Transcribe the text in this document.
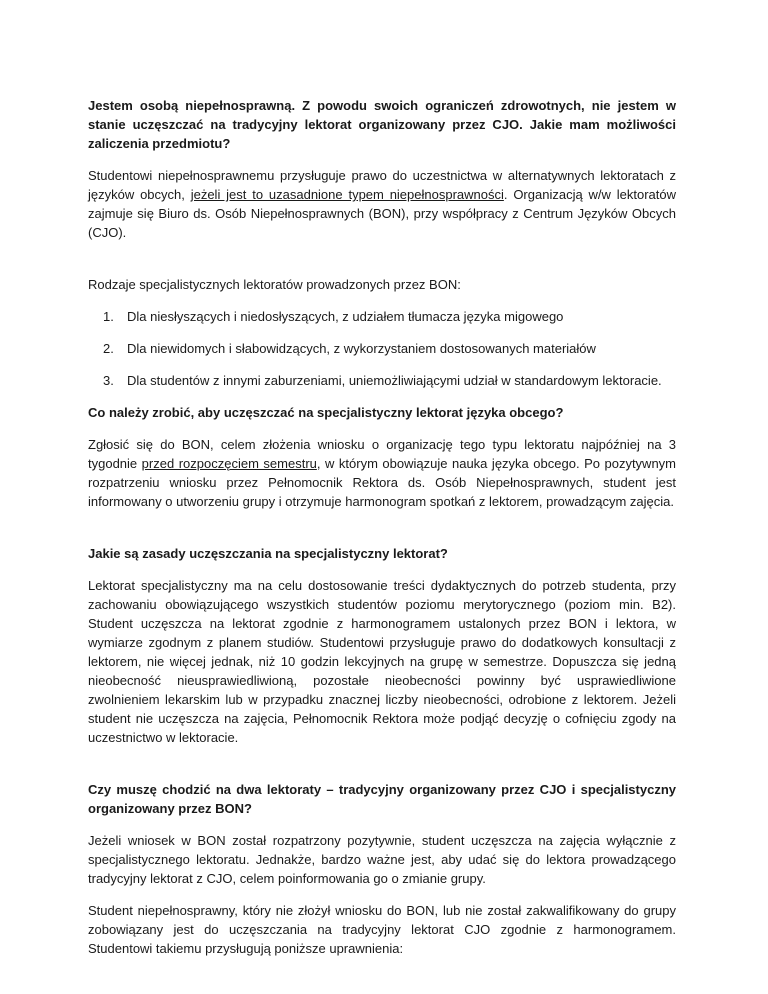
Jestem osobą niepełnosprawną. Z powodu swoich ograniczeń zdrowotnych, nie jestem w stanie uczęszczać na tradycyjny lektorat organizowany przez CJO. Jakie mam możliwości zaliczenia przedmiotu?

Studentowi niepełnosprawnemu przysługuje prawo do uczestnictwa w alternatywnych lektoratach z języków obcych, jeżeli jest to uzasadnione typem niepełnosprawności. Organizacją w/w lektoratów zajmuje się Biuro ds. Osób Niepełnosprawnych (BON), przy współpracy z Centrum Języków Obcych (CJO).

Rodzaje specjalistycznych lektoratów prowadzonych przez BON:

1. Dla niesłyszących i niedosłyszących, z udziałem tłumacza języka migowego
2. Dla niewidomych i słabowidzących, z wykorzystaniem dostosowanych materiałów
3. Dla studentów z innymi zaburzeniami, uniemożliwiającymi udział w standardowym lektoracie.

Co należy zrobić, aby uczęszczać na specjalistyczny lektorat języka obcego?

Zgłosić się do BON, celem złożenia wniosku o organizację tego typu lektoratu najpóźniej na 3 tygodnie przed rozpoczęciem semestru, w którym obowiązuje nauka języka obcego. Po pozytywnym rozpatrzeniu wniosku przez Pełnomocnik Rektora ds. Osób Niepełnosprawnych, student jest informowany o utworzeniu grupy i otrzymuje harmonogram spotkań z lektorem, prowadzącym zajęcia.

Jakie są zasady uczęszczania na specjalistyczny lektorat?

Lektorat specjalistyczny ma na celu dostosowanie treści dydaktycznych do potrzeb studenta, przy zachowaniu obowiązującego wszystkich studentów poziomu merytorycznego (poziom min. B2). Student uczęszcza na lektorat zgodnie z harmonogramem ustalonych przez BON i lektora, w wymiarze zgodnym z planem studiów. Studentowi przysługuje prawo do dodatkowych konsultacji z lektorem, nie więcej jednak, niż 10 godzin lekcyjnych na grupę w semestrze. Dopuszcza się jedną nieobecność nieusprawiedliwioną, pozostałe nieobecności powinny być usprawiedliwione zwolnieniem lekarskim lub w przypadku znacznej liczby nieobecności, odrobione z lektorem. Jeżeli student nie uczęszcza na zajęcia, Pełnomocnik Rektora może podjąć decyzję o cofnięciu zgody na uczestnictwo w lektoracie.

Czy muszę chodzić na dwa lektoraty – tradycyjny organizowany przez CJO i specjalistyczny organizowany przez BON?

Jeżeli wniosek w BON został rozpatrzony pozytywnie, student uczęszcza na zajęcia wyłącznie z specjalistycznego lektoratu. Jednakże, bardzo ważne jest, aby udać się do lektora prowadzącego tradycyjny lektorat z CJO, celem poinformowania go o zmianie grupy.

Student niepełnosprawny, który nie złożył wniosku do BON, lub nie został zakwalifikowany do grupy zobowiązany jest do uczęszczania na tradycyjny lektorat CJO zgodnie z harmonogramem. Studentowi takiemu przysługują poniższe uprawnienia:
